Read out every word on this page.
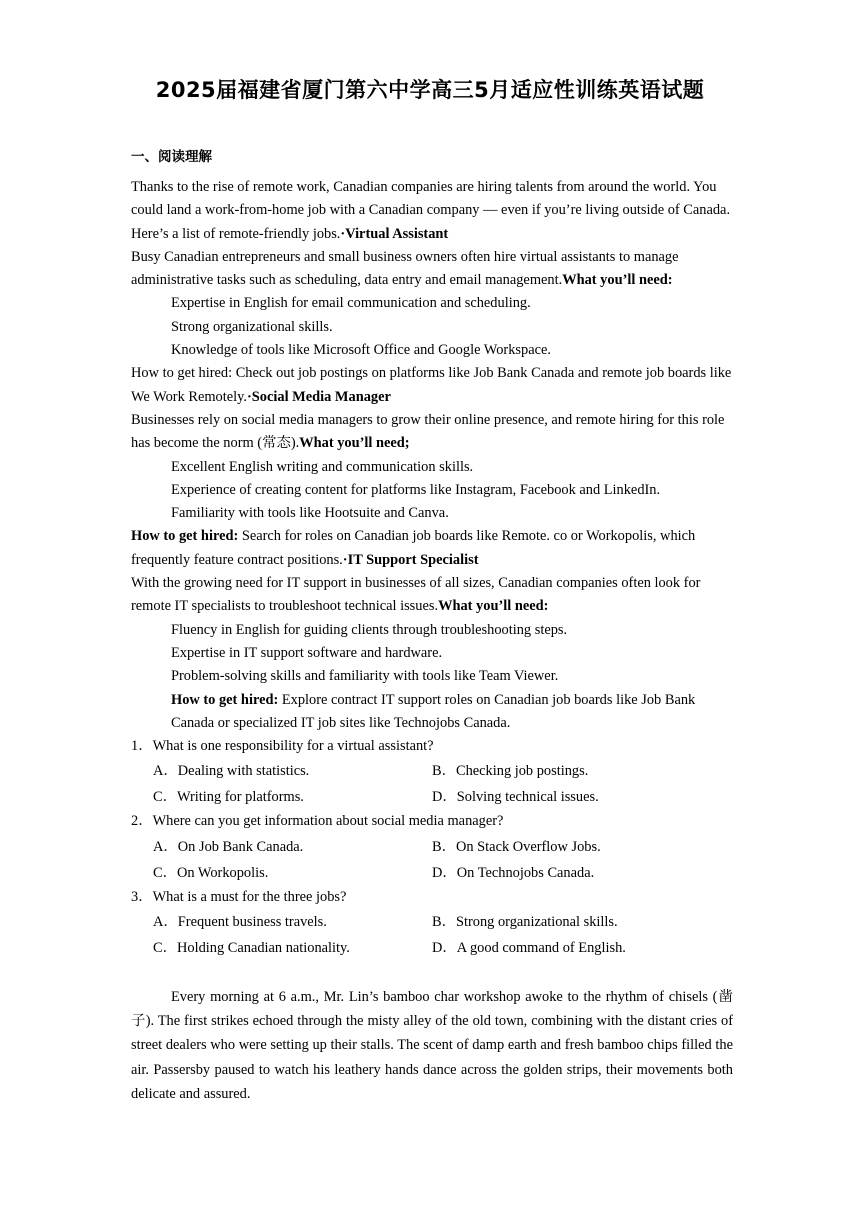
2025届福建省厦门第六中学高三5月适应性训练英语试题
一、阅读理解

Thanks to the rise of remote work, Canadian companies are hiring talents from around the world. You could land a work-from-home job with a Canadian company — even if you’re living outside of Canada. Here’s a list of remote-friendly jobs.·Virtual Assistant

Busy Canadian entrepreneurs and small business owners often hire virtual assistants to manage administrative tasks such as scheduling, data entry and email management.What you’ll need:

Expertise in English for email communication and scheduling.

Strong organizational skills.

Knowledge of tools like Microsoft Office and Google Workspace.

How to get hired: Check out job postings on platforms like Job Bank Canada and remote job boards like We Work Remotely.·Social Media Manager

Businesses rely on social media managers to grow their online presence, and remote hiring for this role has become the norm (常态).What you’ll need;

Excellent English writing and communication skills.

Experience of creating content for platforms like Instagram, Facebook and LinkedIn.

Familiarity with tools like Hootsuite and Canva.

How to get hired: Search for roles on Canadian job boards like Remote. co or Workopolis, which frequently feature contract positions.·IT Support Specialist

With the growing need for IT support in businesses of all sizes, Canadian companies often look for remote IT specialists to troubleshoot technical issues.What you’ll need:

Fluency in English for guiding clients through troubleshooting steps.

Expertise in IT support software and hardware.

Problem-solving skills and familiarity with tools like Team Viewer.

How to get hired: Explore contract IT support roles on Canadian job boards like Job Bank Canada or specialized IT job sites like Technojobs Canada.

1．What is one responsibility for a virtual assistant?

A．Dealing with statistics.	B．Checking job postings.
C．Writing for platforms.	D．Solving technical issues.

2．Where can you get information about social media manager?

A．On Job Bank Canada.	B．On Stack Overflow Jobs.
C．On Workopolis.	D．On Technojobs Canada.

3．What is a must for the three jobs?

A．Frequent business travels.	B．Strong organizational skills.
C．Holding Canadian nationality.	D．A good command of English.

Every morning at 6 a.m., Mr. Lin’s bamboo char workshop awoke to the rhythm of chisels (凿子). The first strikes echoed through the misty alley of the old town, combining with the distant cries of street dealers who were setting up their stalls. The scent of damp earth and fresh bamboo chips filled the air. Passersby paused to watch his leathery hands dance across the golden strips, their movements both delicate and assured.
